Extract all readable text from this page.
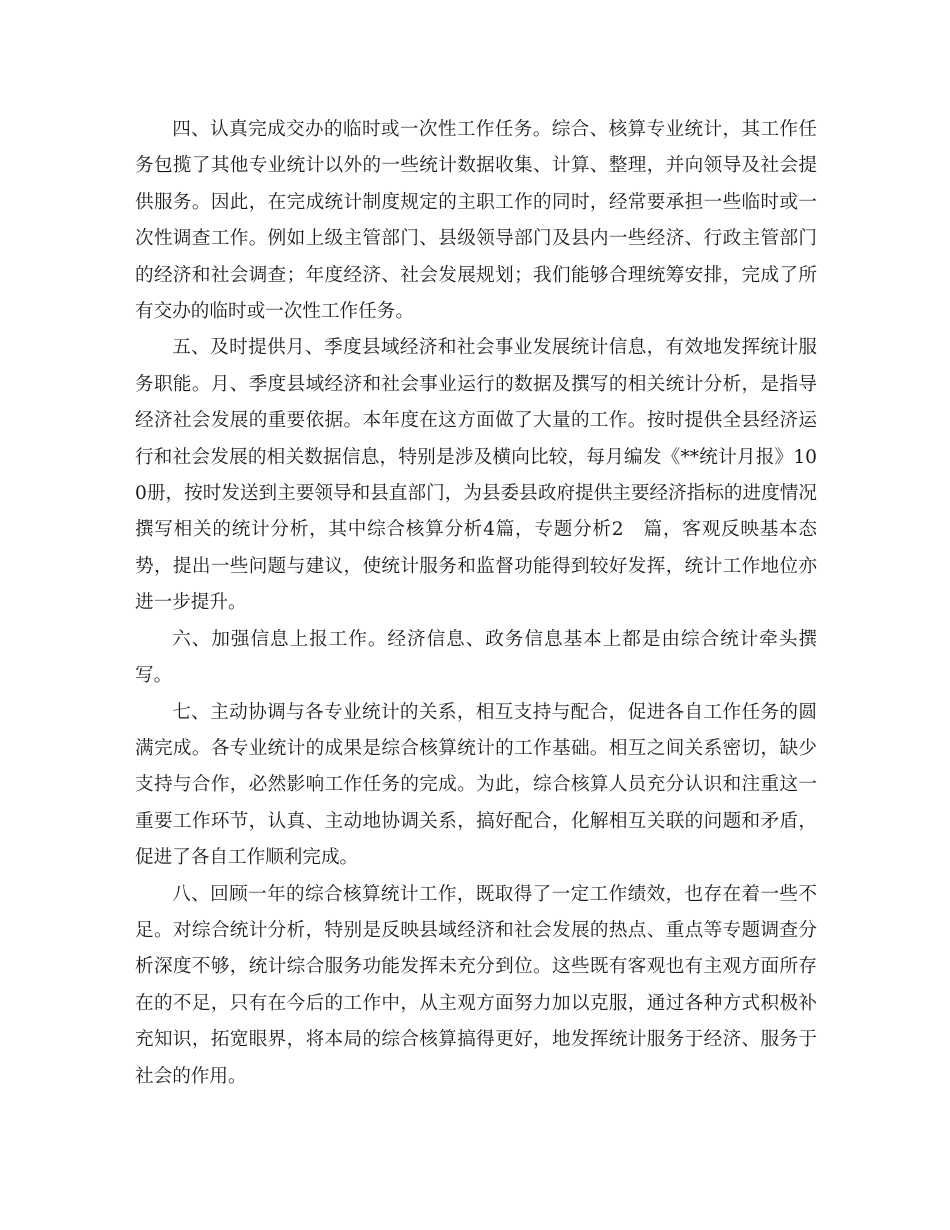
四、认真完成交办的临时或一次性工作任务。综合、核算专业统计，其工作任务包揽了其他专业统计以外的一些统计数据收集、计算、整理，并向领导及社会提供服务。因此，在完成统计制度规定的主职工作的同时，经常要承担一些临时或一次性调查工作。例如上级主管部门、县级领导部门及县内一些经济、行政主管部门的经济和社会调查；年度经济、社会发展规划；我们能够合理统筹安排，完成了所有交办的临时或一次性工作任务。

五、及时提供月、季度县域经济和社会事业发展统计信息，有效地发挥统计服务职能。月、季度县域经济和社会事业运行的数据及撰写的相关统计分析，是指导经济社会发展的重要依据。本年度在这方面做了大量的工作。按时提供全县经济运行和社会发展的相关数据信息，特别是涉及横向比较，每月编发《**统计月报》100册，按时发送到主要领导和县直部门，为县委县政府提供主要经济指标的进度情况撰写相关的统计分析，其中综合核算分析4篇，专题分析2　篇，客观反映基本态势，提出一些问题与建议，使统计服务和监督功能得到较好发挥，统计工作地位亦进一步提升。

六、加强信息上报工作。经济信息、政务信息基本上都是由综合统计牵头撰写。

七、主动协调与各专业统计的关系，相互支持与配合，促进各自工作任务的圆满完成。各专业统计的成果是综合核算统计的工作基础。相互之间关系密切，缺少支持与合作，必然影响工作任务的完成。为此，综合核算人员充分认识和注重这一重要工作环节，认真、主动地协调关系，搞好配合，化解相互关联的问题和矛盾，促进了各自工作顺利完成。

八、回顾一年的综合核算统计工作，既取得了一定工作绩效，也存在着一些不足。对综合统计分析，特别是反映县域经济和社会发展的热点、重点等专题调查分析深度不够，统计综合服务功能发挥未充分到位。这些既有客观也有主观方面所存在的不足，只有在今后的工作中，从主观方面努力加以克服，通过各种方式积极补充知识，拓宽眼界，将本局的综合核算搞得更好，地发挥统计服务于经济、服务于社会的作用。
